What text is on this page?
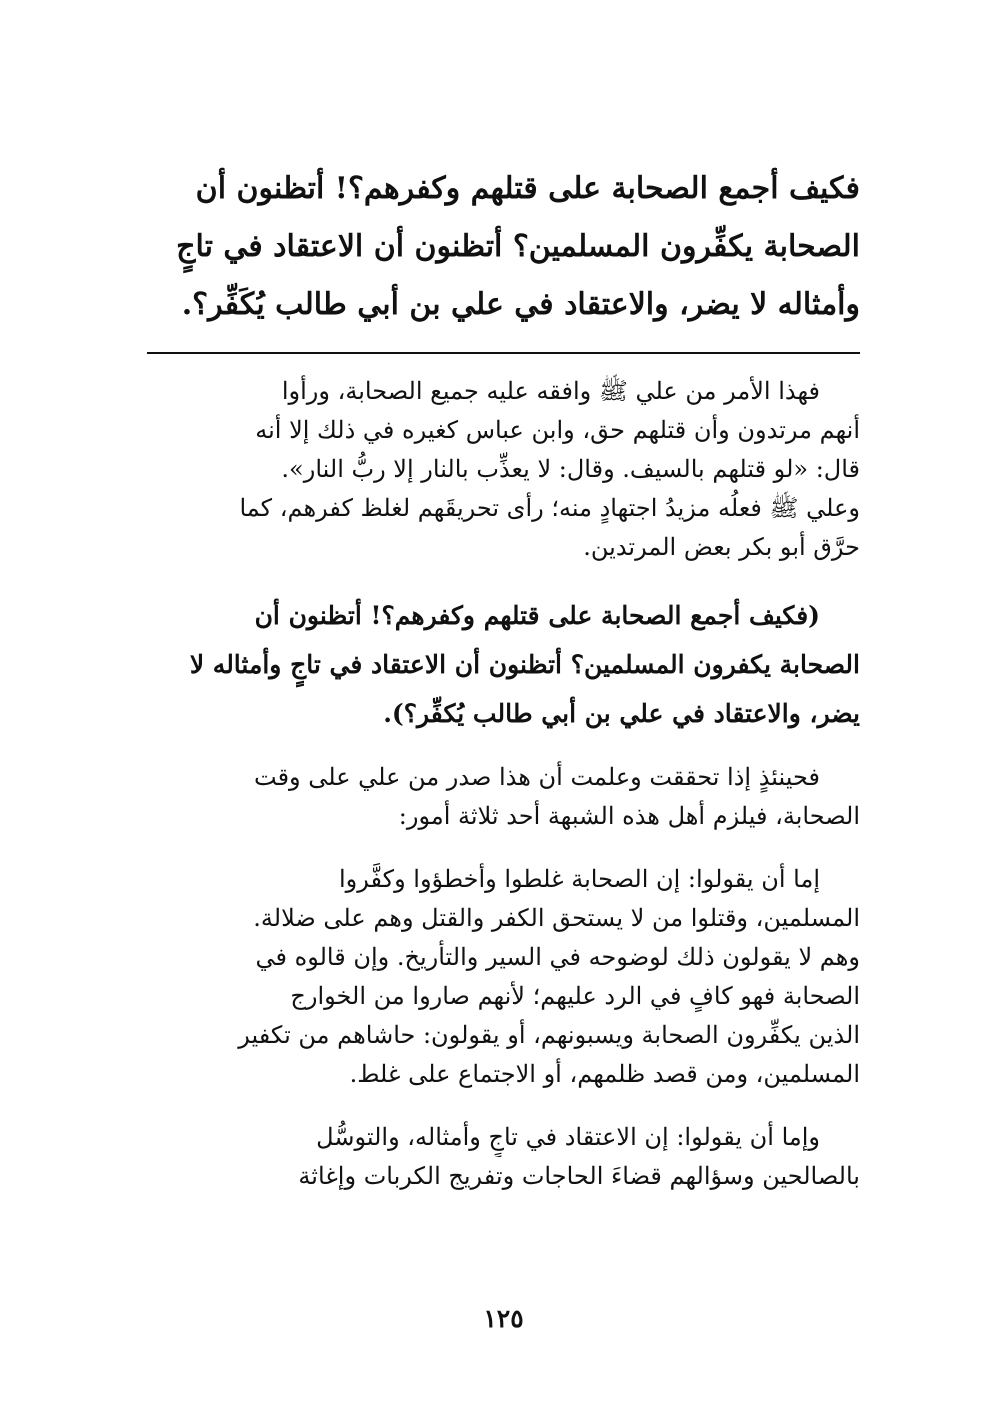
فكيف أجمع الصحابة على قتلهم وكفرهم؟! أتظنون أن
الصحابة يكفِّرون المسلمين؟ أتظنون أن الاعتقاد في تاجٍ
وأمثاله لا يضر، والاعتقاد في علي بن أبي طالب يُكَفِّر؟.
فهذا الأمر من علي ﷺ وافقه عليه جميع الصحابة، ورأوا
أنهم مرتدون وأن قتلهم حق، وابن عباس كغيره في ذلك إلا أنه
قال: «لو قتلهم بالسيف. وقال: لا يعذِّب بالنار إلا ربُّ النار».
وعلي ﷺ فعلُه مزيدُ اجتهادٍ منه؛ رأى تحريقَهم لغلظ كفرهم، كما
حرَّق أبو بكر بعض المرتدين.
(فكيف أجمع الصحابة على قتلهم وكفرهم؟! أتظنون أن
الصحابة يكفرون المسلمين؟ أتظنون أن الاعتقاد في تاجٍ وأمثاله لا
يضر، والاعتقاد في علي بن أبي طالب يُكفِّر؟).
فحينئذٍ إذا تحققت وعلمت أن هذا صدر من علي على وقت
الصحابة، فيلزم أهل هذه الشبهة أحد ثلاثة أمور:
إما أن يقولوا: إن الصحابة غلطوا وأخطؤوا وكفَّروا
المسلمين، وقتلوا من لا يستحق الكفر والقتل وهم على ضلالة.
وهم لا يقولون ذلك لوضوحه في السير والتأريخ. وإن قالوه في
الصحابة فهو كافٍ في الرد عليهم؛ لأنهم صاروا من الخوارج
الذين يكفِّرون الصحابة ويسبونهم، أو يقولون: حاشاهم من تكفير
المسلمين، ومن قصد ظلمهم، أو الاجتماع على غلط.
وإما أن يقولوا: إن الاعتقاد في تاجٍ وأمثاله، والتوسُّل
بالصالحين وسؤالهم قضاءَ الحاجات وتفريج الكربات وإغاثة
١٢٥
